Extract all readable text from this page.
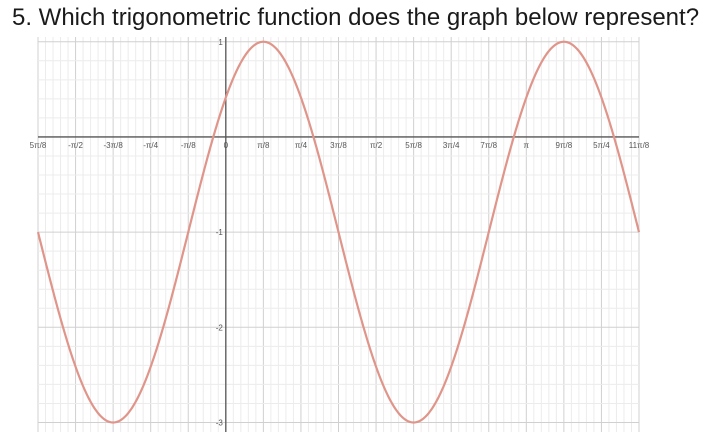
5. Which trigonometric function does the graph below represent?
5π/8	-π/2	-3π/8	-π/4	-π/8	0	π/8	π/4	3π/8	π/2	5π/8	3π/4	7π/8	π	9π/8	5π/4 11π/8
1
-1
-2
-3
